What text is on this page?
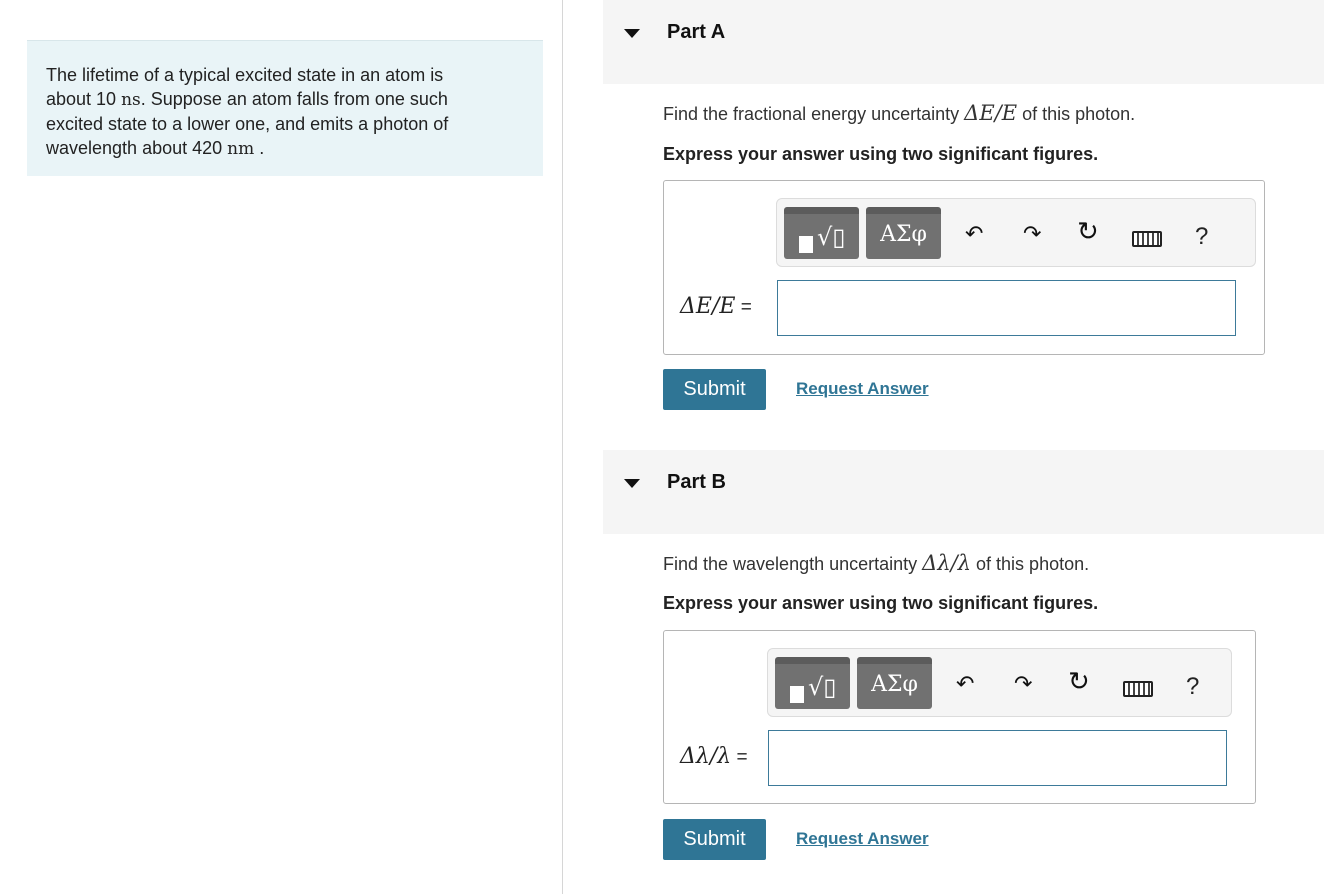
The lifetime of a typical excited state in an atom is
about 10 ns. Suppose an atom falls from one such
excited state to a lower one, and emits a photon of
wavelength about 420 nm .
Part A
Find the fractional energy uncertainty ΔE/E of this photon.
Express your answer using two significant figures.
√▯	ΑΣφ	↶ ↷ ↻	?
ΔE/E =
Submit	Request Answer
Part B
Find the wavelength uncertainty Δλ/λ of this photon.
Express your answer using two significant figures.
√▯	ΑΣφ	↶ ↷ ↻	?
Δλ/λ =
Submit	Request Answer
